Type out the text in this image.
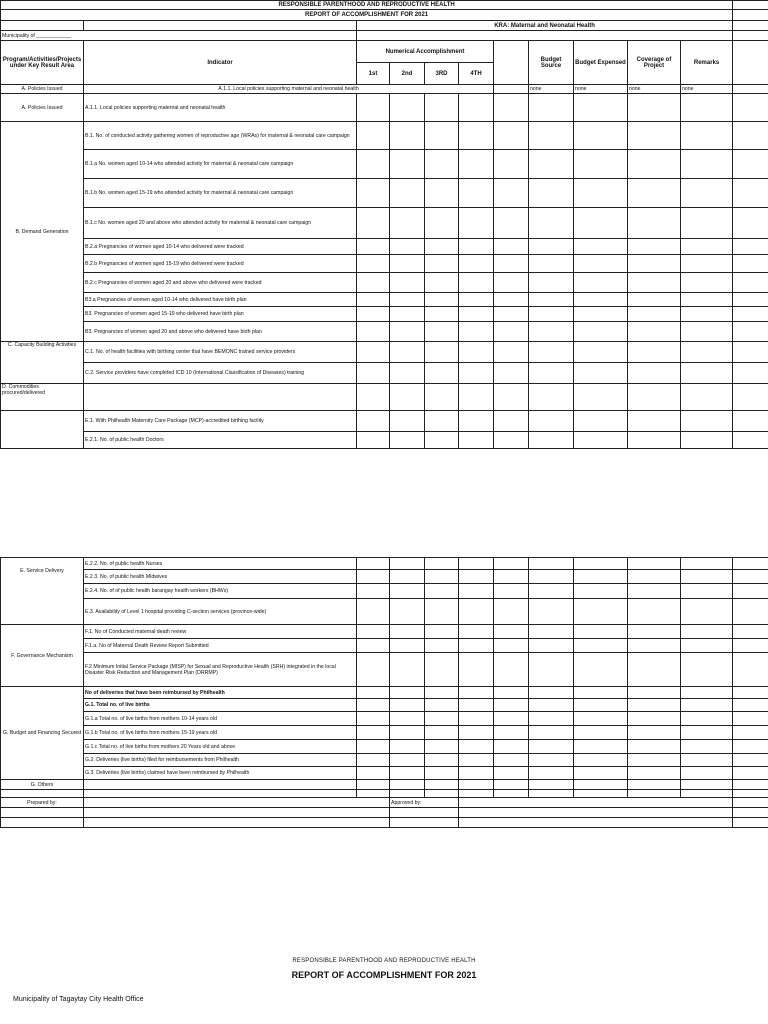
RESPONSIBLE PARENTHOOD AND REPRODUCTIVE HEALTH											
REPORT OF ACCOMPLISHMENT FOR 2021											
		KRA: Maternal and Neonatal Health									
Municipality of ____________											
Program/Activities/Projects under Key Result Area	Indicator	Numerical Accomplishment					Budget Source	Budget Expensed	Coverage of Project	Remarks	
		1st	2nd	3RD	4TH						
A. Policies Issued	A.1.1. Local policies supporting maternal and neonatal health						none	none	none	none	
A. Policies Issued	A.1.1. Local policies supporting maternal and neonatal health										
B. Demand Generation	B.1. No. of conducted activity gathering women of reproductive age (WRAs) for maternal & neonatal care campaign										
	B.1.a No. women aged 10-14 who attended activity for maternal & neonatal care campaign										
	B.1.b No. women aged 15-19 who attended activity for maternal & neonatal care campaign										
	B.1.c No. women aged 20 and above who attended activity for maternal & neonatal care campaign										
	B.2.a Pregnancies of women aged 10-14 who delivered were tracked										
	B.2.b Pregnancies of women aged 15-19 who delivered were tracked										
	B.2.c Pregnancies of women aged 20 and above who delivered were tracked										
	B3.a Pregnancies of women aged 10-14 who delivered have birth plan										
	B3. Pregnancies of women aged 15-19 who delivered have birth plan										
	B3. Pregnancies of women aged 20 and above who delivered have birth plan										
C. Capacity Building Activities	C.1. No. of health facilities with birthing center that have BEMONC trained service providers										
	C.2. Service providers have completed ICD 10 (International Classification of Diseases) training										
D. Commodities procured/delivered											
	E.1. With Philhealth Maternity Care Package (MCP)-accredited birthing facility										
	E.2.1. No. of public health Doctors										
E. Service Delivery	E.2.2. No. of public health Nurses										
	E.2.3. No. of public health Midwives										
	E.2.4. No. of of public health barangay health workers (BHWs)										
	E.3. Availability of Level 1 hospital providing C-section services (province-wide)										
F. Governance Mechanism	F.1. No of Conducted maternal death review										
	F.1.a. No of Maternal Death Review Report Submitted										
	F.2 Minimum Initial Service Package (MISP) for Sexual and Reproductive Health (SRH) integrated in the local Disaster Risk Reduction and Management Plan (DRRMP)										
G. Budget and Financing Secured	No of deliveries that have been reimbursed by Philhealth										
	G.1. Total no. of live births										
	G.1.a Total no. of live births from mothers 10-14 years old										
	G.1.b Total no. of live births from mothers 15-19 years old										
	G.1.c Total no. of live births from mothers 20 Years old and above										
	G.2. Deliveries (live births) filed for reimbursements from Philhealth										
	G.3. Deliveries (live births) claimed have been reimbursed by Philhealth										
G. Others											

Prepared by:			Approved by:								

RESPONSIBLE PARENTHOOD AND REPRODUCTIVE HEALTH
REPORT OF ACCOMPLISHMENT FOR 2021
Municipality of Tagaytay City Health Office
